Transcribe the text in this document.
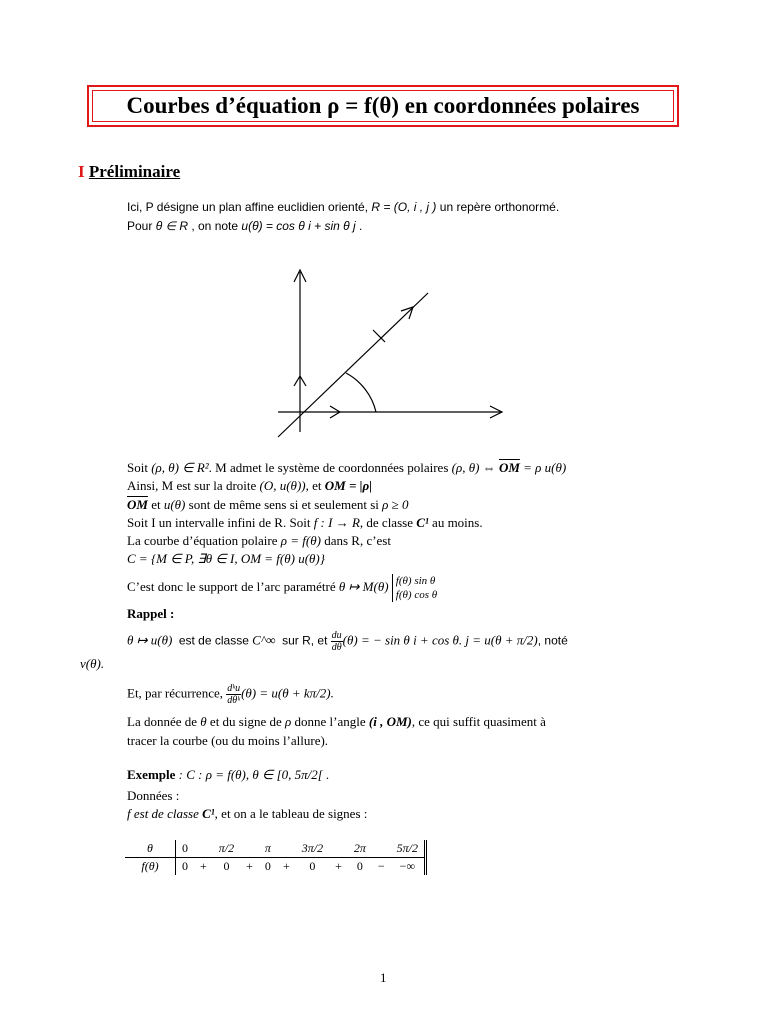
Courbes d’équation ρ = f(θ) en coordonnées polaires
I Préliminaire
Ici, P désigne un plan affine euclidien orienté, R = (O, i , j ) un repère orthonormé.
Pour θ ∈ R , on note u(θ) = cos θ i + sin θ j .
Soit (ρ, θ) ∈ R². M admet le système de coordonnées polaires (ρ, θ) ⇔ $\overline{OM} = \rho$ u(θ)
Ainsi, M est sur la droite (O, u(θ)), et OM = |ρ|
$\overline{OM}$ et u(θ) sont de même sens si et seulement si ρ ≥ 0
Soit I un intervalle infini de R. Soit f : I → R, de classe C¹ au moins.
La courbe d’équation polaire ρ = f(θ) dans R, c’est
C = {M ∈ P, ∃θ ∈ I, OM = f(θ) u(θ)}
C’est donc le support de l’arc paramétré θ ↦ M(θ) f(θ) sin θ
f(θ) cos θ
Rappel :
θ ↦ u(θ) est de classe C^∞ sur R, et $\frac{du}{d\theta} (\theta)$ = − sin θ i + cos θ. j = u(θ + π/2), noté
v(θ).
Et, par récurrence, $\frac{\text{dᵏu}}{\text{dθᵏ}} (\theta) = u(\theta + k\pi/2)$.
La donnée de θ et du signe de ρ donne l’angle (i , OM), ce qui suffit quasiment à
tracer la courbe (ou du moins l’allure).
Exemple : C : ρ = f(θ), θ ∈ [0, 5π/2[ .
Données :
f est de classe C¹, et on a le tableau de signes :
θ	0		π/2		π		3π/2		2π		5π/2
f(θ)	0	+	0	+	0	+	0	+	0	−	−∞
1
